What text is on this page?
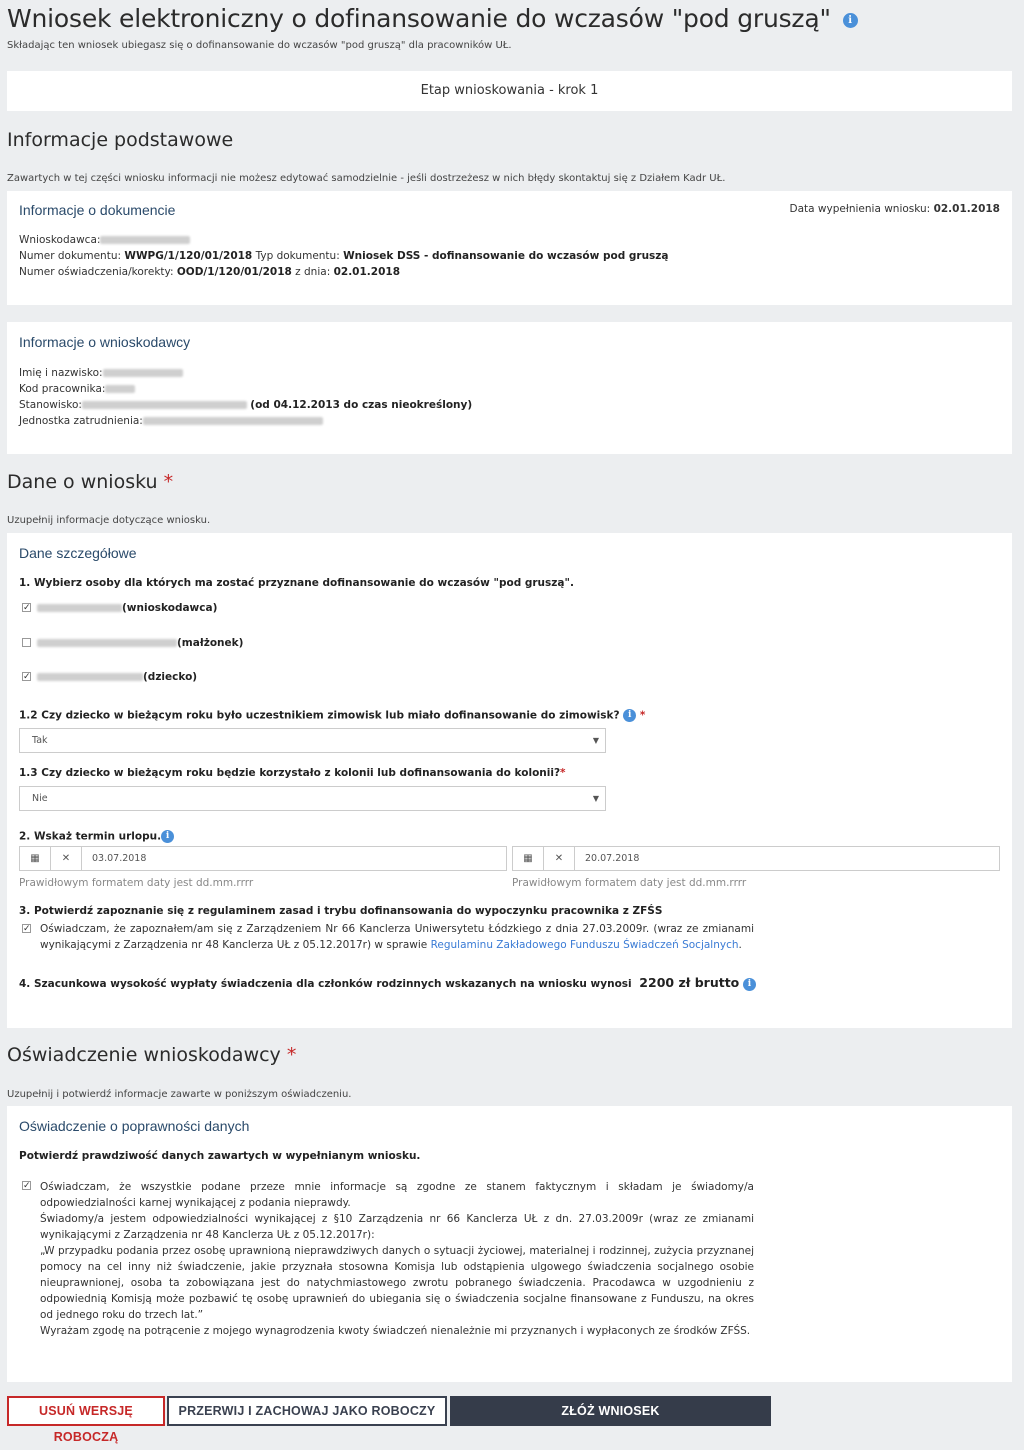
Wniosek elektroniczny o dofinansowanie do wczasów "pod gruszą" i
Składając ten wniosek ubiegasz się o dofinansowanie do wczasów "pod gruszą" dla pracowników UŁ.
Etap wnioskowania - krok 1
Informacje podstawowe
Zawartych w tej części wniosku informacji nie możesz edytować samodzielnie - jeśli dostrzeżesz w nich błędy skontaktuj się z Działem Kadr UŁ.
Informacje o dokumencie	Data wypełnienia wniosku: 02.01.2018
Wnioskodawca:
Numer dokumentu: WWPG/1/120/01/2018 Typ dokumentu: Wniosek DSS - dofinansowanie do wczasów pod gruszą
Numer oświadczenia/korekty: OOD/1/120/01/2018 z dnia: 02.01.2018
Informacje o wnioskodawcy
Imię i nazwisko:
Kod pracownika:
Stanowisko:	(od 04.12.2013 do czas nieokreślony)
Jednostka zatrudnienia:
Dane o wniosku *
Uzupełnij informacje dotyczące wniosku.
Dane szczegółowe
1. Wybierz osoby dla których ma zostać przyznane dofinansowanie do wczasów "pod gruszą".
✓	(wnioskodawca)
(małżonek)
✓	(dziecko)
1.2 Czy dziecko w bieżącym roku było uczestnikiem zimowisk lub miało dofinansowanie do zimowisk? i *
Tak	▼
1.3 Czy dziecko w bieżącym roku będzie korzystało z kolonii lub dofinansowania do kolonii?*
Nie	▼
2. Wskaż termin urlopu. i
▦	✕	03.07.2018	▦	✕	20.07.2018
Prawidłowym formatem daty jest dd.mm.rrrr	Prawidłowym formatem daty jest dd.mm.rrrr
3. Potwierdź zapoznanie się z regulaminem zasad i trybu dofinansowania do wypoczynku pracownika z ZFŚS
✓ Oświadczam, że zapoznałem/am się z Zarządzeniem Nr 66 Kanclerza Uniwersytetu Łódzkiego z dnia 27.03.2009r. (wraz ze zmianami
wynikającymi z Zarządzenia nr 48 Kanclerza UŁ z 05.12.2017r) w sprawie Regulaminu Zakładowego Funduszu Świadczeń Socjalnych.
4. Szacunkowa wysokość wypłaty świadczenia dla członków rodzinnych wskazanych na wniosku wynosi 2200 zł brutto i
Oświadczenie wnioskodawcy *
Uzupełnij i potwierdź informacje zawarte w poniższym oświadczeniu.
Oświadczenie o poprawności danych
Potwierdź prawdziwość danych zawartych w wypełnianym wniosku.
✓ Oświadczam, że wszystkie podane przeze mnie informacje są zgodne ze stanem faktycznym i składam je świadomy/a odpowiedzialności karnej wynikającej z podania nieprawdy.
Świadomy/a jestem odpowiedzialności wynikającej z §10 Zarządzenia nr 66 Kanclerza UŁ z dn. 27.03.2009r (wraz ze zmianami wynikającymi z Zarządzenia nr 48 Kanclerza UŁ z 05.12.2017r):
„W przypadku podania przez osobę uprawnioną nieprawdziwych danych o sytuacji życiowej, materialnej i rodzinnej, zużycia przyznanej pomocy na cel inny niż świadczenie, jakie przyznała stosowna Komisja lub odstąpienia ulgowego świadczenia socjalnego osobie nieuprawnionej, osoba ta zobowiązana jest do natychmiastowego zwrotu pobranego świadczenia. Pracodawca w uzgodnieniu z odpowiednią Komisją może pozbawić tę osobę uprawnień do ubiegania się o świadczenia socjalne finansowane z Funduszu, na okres od jednego roku do trzech lat.”
Wyrażam zgodę na potrącenie z mojego wynagrodzenia kwoty świadczeń nienależnie mi przyznanych i wypłaconych ze środków ZFŚS.
USUŃ WERSJĘ ROBOCZĄ
PRZERWIJ I ZACHOWAJ JAKO ROBOCZY	ZŁÓŻ WNIOSEK
